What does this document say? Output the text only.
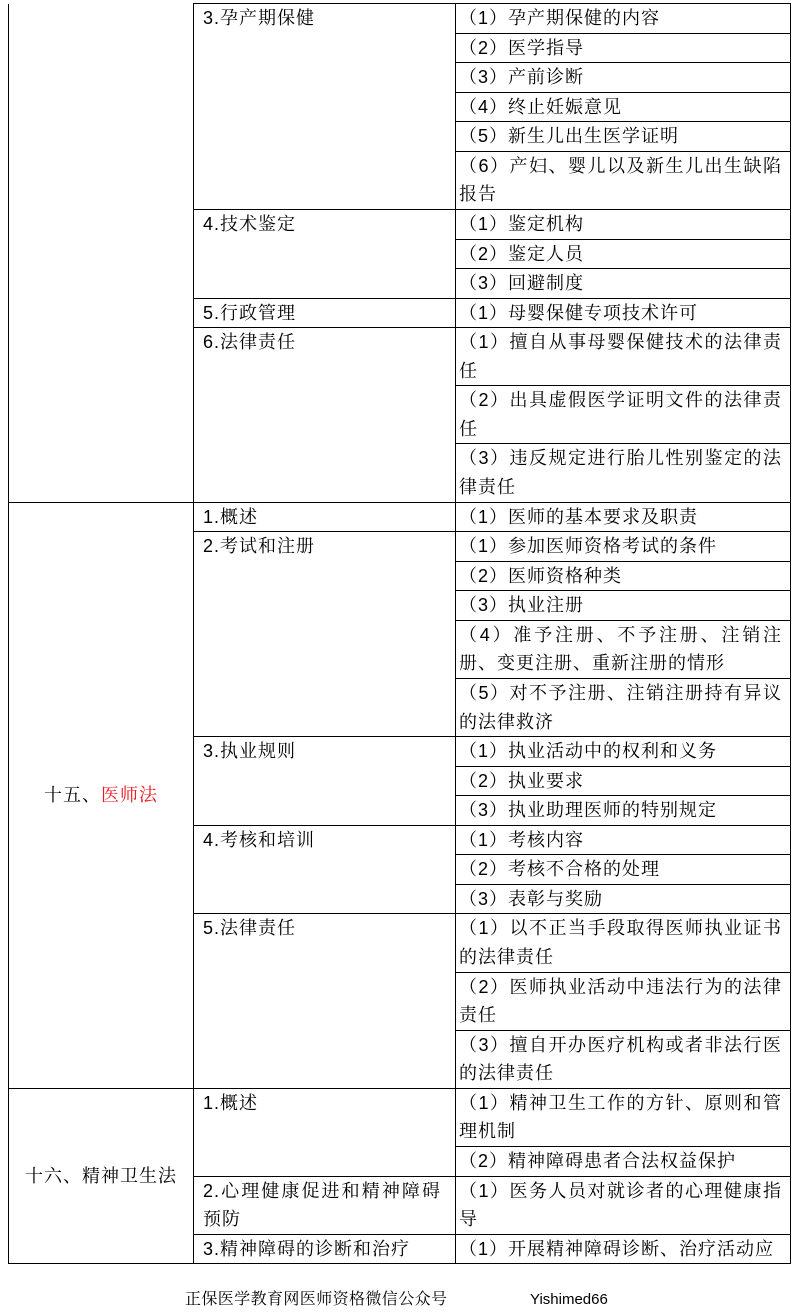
	3.孕产期保健	（1）孕产期保健的内容
		（2）医学指导
		（3）产前诊断
		（4）终止妊娠意见
		（5）新生儿出生医学证明
		（6）产妇、婴儿以及新生儿出生缺陷报告
	4.技术鉴定	（1）鉴定机构
		（2）鉴定人员
		（3）回避制度
	5.行政管理	（1）母婴保健专项技术许可
	6.法律责任	（1）擅自从事母婴保健技术的法律责任
		（2）出具虚假医学证明文件的法律责任
		（3）违反规定进行胎儿性别鉴定的法律责任
十五、医师法	1.概述	（1）医师的基本要求及职责
	2.考试和注册	（1）参加医师资格考试的条件
		（2）医师资格种类
		（3）执业注册
		（4）准予注册、不予注册、注销注册、变更注册、重新注册的情形
		（5）对不予注册、注销注册持有异议的法律救济
	3.执业规则	（1）执业活动中的权利和义务
		（2）执业要求
		（3）执业助理医师的特别规定
	4.考核和培训	（1）考核内容
		（2）考核不合格的处理
		（3）表彰与奖励
	5.法律责任	（1）以不正当手段取得医师执业证书的法律责任
		（2）医师执业活动中违法行为的法律责任
		（3）擅自开办医疗机构或者非法行医的法律责任
十六、精神卫生法	1.概述	（1）精神卫生工作的方针、原则和管理机制
		（2）精神障碍患者合法权益保护
	2.心理健康促进和精神障碍预防	（1）医务人员对就诊者的心理健康指导
	3.精神障碍的诊断和治疗	（1）开展精神障碍诊断、治疗活动应
正保医学教育网医师资格微信公众号	Yishimed66
